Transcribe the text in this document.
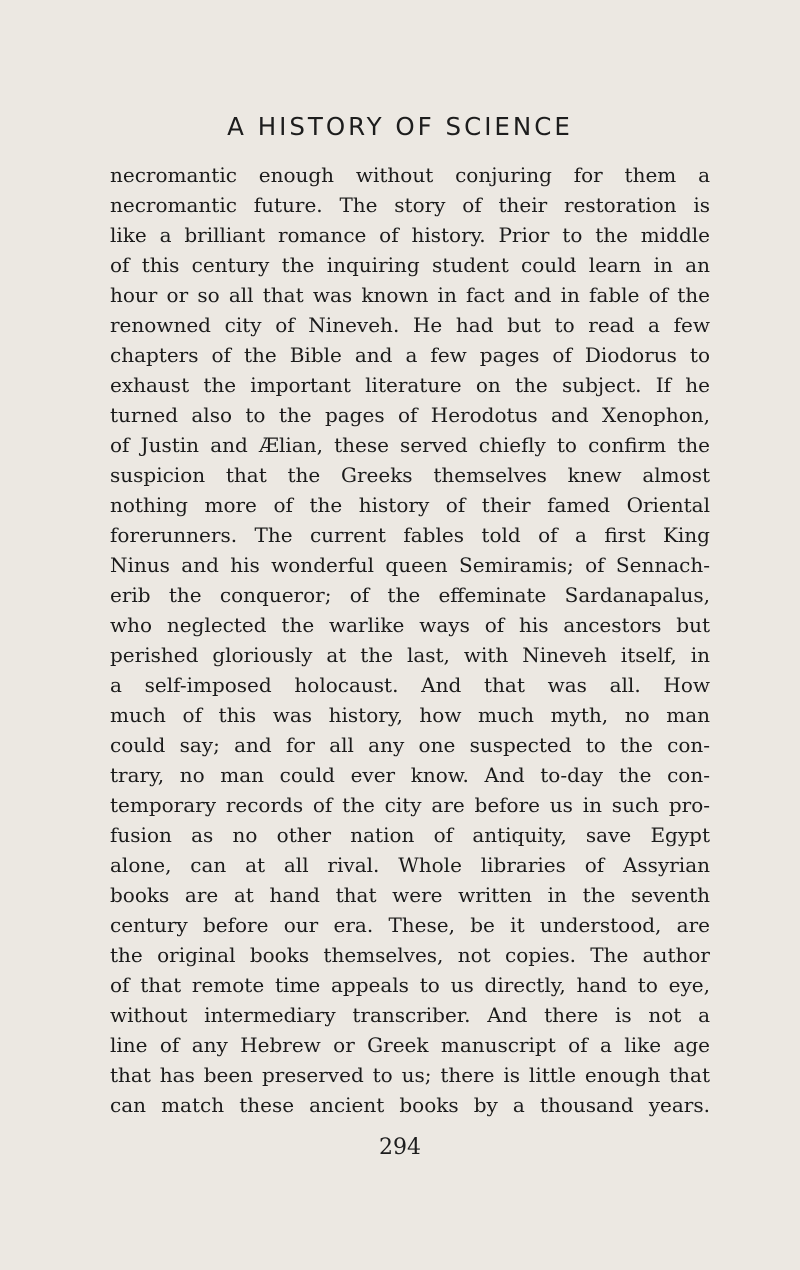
A HISTORY OF SCIENCE
necromantic enough without conjuring for them a
necromantic future. The story of their restoration is
like a brilliant romance of history. Prior to the middle
of this century the inquiring student could learn in an
hour or so all that was known in fact and in fable of the
renowned city of Nineveh. He had but to read a few
chapters of the Bible and a few pages of Diodorus to
exhaust the important literature on the subject. If he
turned also to the pages of Herodotus and Xenophon,
of Justin and Ælian, these served chiefly to confirm the
suspicion that the Greeks themselves knew almost
nothing more of the history of their famed Oriental
forerunners. The current fables told of a first King
Ninus and his wonderful queen Semiramis; of Sennach-
erib the conqueror; of the effeminate Sardanapalus,
who neglected the warlike ways of his ancestors but
perished gloriously at the last, with Nineveh itself, in
a self-imposed holocaust. And that was all. How
much of this was history, how much myth, no man
could say; and for all any one suspected to the con-
trary, no man could ever know. And to-day the con-
temporary records of the city are before us in such pro-
fusion as no other nation of antiquity, save Egypt
alone, can at all rival. Whole libraries of Assyrian
books are at hand that were written in the seventh
century before our era. These, be it understood, are
the original books themselves, not copies. The author
of that remote time appeals to us directly, hand to eye,
without intermediary transcriber. And there is not a
line of any Hebrew or Greek manuscript of a like age
that has been preserved to us; there is little enough that
can match these ancient books by a thousand years.
294
